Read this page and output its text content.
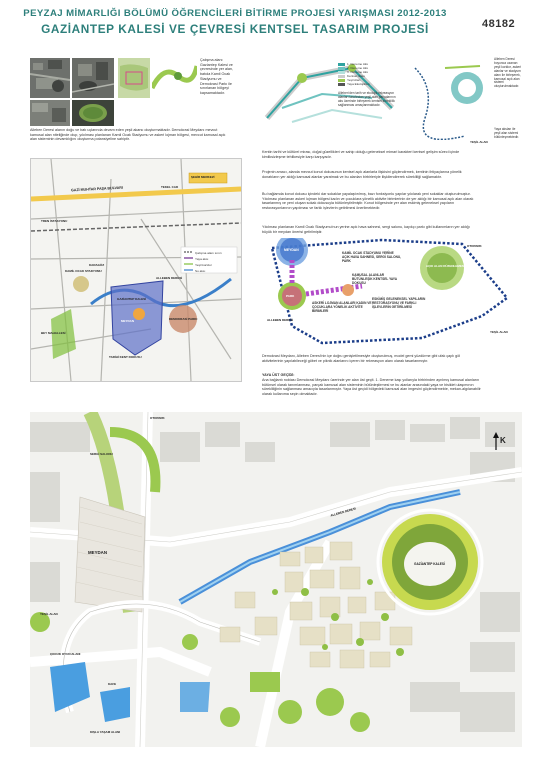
PEYZAJ MİMARLIĞI BÖLÜMÜ ÖĞRENCİLERİ BİTİRME PROJESİ YARIŞMASI 2012-2013
GAZİANTEP KALESİ VE ÇEVRESİ KENTSEL TASARIM PROJESİ	48182
Çalışma alanı Gaziantep Kalesi ve çevresinde yer alan, batıda Kamil Ocak Stadyumu ve Demokrasi Parkı ile sınırlanan bölgeyi kapsamaktadır.
Alleben Deresi alanın doğu ve batı uçlarında devam eden yeşil akarsı oluşturmaktadır. Demokrasi Meydanı mevcut kamusal alan niteliğinde olup, yıkılması planlanan Kamil Ocak Stadyumu ve askeri lojman bölgesi, mevcut kamusal açık alan sisteminin devamlılığını oluşturma potansiyeline sahiptir.
GAZİ MUHTAR PAŞA BULVARI
ŞEHİR MERKEZİ
TEKEL CAD
TREN İSTASYONU
ALLEBEN DERESİ
GAZİANTEP KALESİ
DEMOKRASİ PARKI
KAMİL OCAK STADYUMU
KARAGÖZ
BEY MAHALLESİ
TARİHİ KENT DOKUSU
MEYDAN
Çalışma alanı sınırı
Yaya aksı
Yeşil koridor
Su aksı
1. Deneme Aks
2. Deneme Aks
3. Deneme Aks
Kentsel doku
Yeşil Alan
Yaya Ekolojikleri
Alleben'den tarih ve ekolojik rekreasyon alanları tarafından yeşil alan parçalarının aks üzerinde birleşerek kentsel süreklilik sağlanması amaçlanmaktadır.
Alleben Deresi boyunca uzanan yeşil koridor, askeri alanlar ve stadyum alanı ile birleşerek, kamusal açık alan sistemi oluşturulmaktadır.
YEŞİL ALAN
Yaya aksları ile yeşil alan sistemi bütünleşmektedir.
Kentin tarihi ve kültürel mirası, doğal güzellikleri ve sahip olduğu geleneksel mimari karakteri kentsel gelişim süreci içinde kimliksizleşme tehlikesiyle karşı karşıyadır.
Projenin amacı, alanda mevcut konut dokusunun kentsel açık alanlarla ilişkisini güçlendirmek, kentinin ihtiyaçlarına yönelik donatıların yer aldığı kamusal alanlar yaratmak ve bu alanları birbirleriyle ilişkilendirerek sürekliliği sağlamaktır.
Bu bağlamda konut dokusu içindeki dar sokaklar yayalaştırılmış, bazı fonksiyonlu yapılar yıkılarak yeni sokaklar oluşturulmuştur. Yıkılması planlanan askeri lojman bölgesi kadın ve çocuklara yönelik aktivite birimlerinin de yer aldığı bir kamusal açık alan olarak tasarlanmış ve yeni oluşan sokak dokusuyla bütünleştirilmiştir. Konut bölgesinde yer alan eskimiş geleneksel yapıların restorasyonlarının yapılması ve farklı işlevlerin getirilmesi önerilmektedir.
Yıkılması planlanan Kamil Ocak Stadyumu'nun yerine açık hava sahnesi, sergi salonu, kayıkçı parkı gibi kullanımların yer aldığı büyük bir meydan önerisi getirilmiştir.
MEYDAN
OTOPARK
KAMİL OCAK STADYUMU YERİNE AÇIK HAVA SAHNESİ, SERGİ SALONU, PARK
ASKERİ LOJMAN ALANLARI KADIN VE ÇOCUKLARA YÖNELİK AKTİVİTE BİRİMLERİ
KAMUSAL ALANLAR BÜTÜNLEŞİK KENTSEL YAYA DOKUSU
ESKİMİŞ GELENEKSEL YAPILARIN RESTORASYONU VE FARKLI İŞLEVLERİN GETİRİLMESİ
AÇIK ALAN DÜZENLEMESİ
ALLEBEN DERESİ
YEŞİL ALAN
PARK
Demokrasi Meydanı, Alleben Deresi'nin içe doğru genişletilmesiyle oluşturulmuş, model gemi yüzdürme gibi ufak çaplı göl aktivitelerinin yapılabileceği göbet ve piknik alanlarını içeren bir rekreasyon alanı olarak tasarlanmıştır.
YAYA ÜST GEÇİDİ:
Ana bağlantı noktası Demokrasi Meydanı üzerinde yer alan üst geçit. 1. Deneme kaşı yollarıyla birbirinden ayrılmış kamusal alanların bütünsel olarak tanımlanması, parçalı kamusal alan sisteminin bütünleştirmesi ve bu alanlar arasındaki yaya ve bisiklet ulaşımının sürekliliğinin sağlanması amacıyla tasarlanmıştır. Yaya üst geçidi bölgedeki kamusal alan imgesini güçlendirmekte, mekan-algılanabilir olarak kullanıma seçin olmaktadır.
K
MEYDAN
GAZİANTEP KALESİ
OTOPARK
ALLEBEN DERESİ
SERGİ SALONU
YEŞİL ALAN
ÇOCUK OYUN ALANI
KAFE
KIŞLA YAŞAM ALANI
